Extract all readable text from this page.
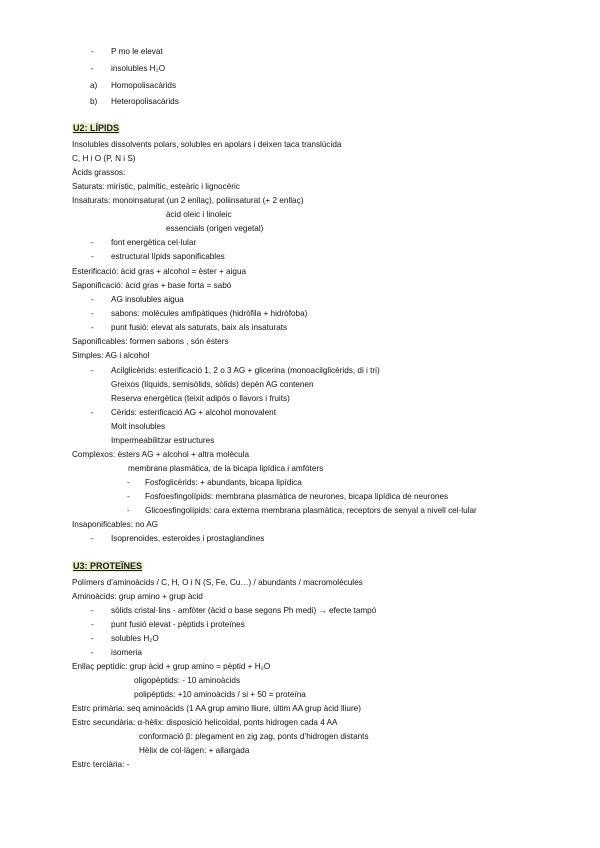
- P mo le elevat
- insolubles H₂O
a) Homopolisacàrids
b) Heteropolisacàrids
U2: LÍPIDS
Insolubles dissolvents polars, solubles en apolars i deixen taca translúcida
C, H i O (P, N i S)
Àcids grassos:
Saturats: mirístic, palmític, esteàric i lignocèric
Insaturats: monoinsaturat (un 2 enllaç), poliinsaturat (+ 2 enllaç)
àcid oleic i linoleic
essencials (origen vegetal)
- font energètica cel·lular
- estructural lípids saponificables
Esterificació: àcid gras + alcohol = èster + aigua
Saponificació: àcid gras + base forta = sabó
- AG insolubles aigua
- sabons: molècules amfipàtiques (hidròfila + hidròfoba)
- punt fusió: elevat als saturats, baix als insaturats
Saponificables: formen sabons , són èsters
Simples: AG i alcohol
- Acilglicèrids: esterificació 1, 2 o 3 AG + glicerina (monoacilglicèrids, di i tri)
Greixos (líquids, semisòlids, sòlids) depèn AG contenen
Reserva energètica (teixit adipós o llavors i fruits)
- Cèrids: esterificació AG + alcohol monovalent
Molt insolubles
Impermeabilitzar estructures
Complexos: èsters AG + alcohol + altra molècula
membrana plasmàtica, de la bicapa lipídica i amfòters
- Fosfoglicèrids: + abundants, bicapa lipídica
- Fosfoesfingolípids: membrana plasmàtica de neurones, bicapa lipídica de neurones
- Glicoesfingolípids: cara externa membrana plasmàtica, receptors de senyal a nivell cel·lular
Insaponificables: no AG
- Isoprenoides, esteroides i prostaglandines
U3: PROTEÏNES
Polímers d’aminoàcids / C, H, O i N (S, Fe, Cu…) / abundants / macromolècules
Aminoàcids: grup amino + grup àcid
- sòlids cristal·lins - amfòter (àcid o base segons Ph medi) → efecte tampó
- punt fusió elevat - pèptids i proteïnes
- solubles H₂O
- isomeria
Enllaç peptídic: grup àcid + grup amino = pèptid + H₂O
oligopèptids: - 10 aminoàcids
polipèptids: +10 aminoàcids / si + 50 = proteïna
Estrc primària: seq aminoàcids (1 AA grup amino lliure, últim AA grup àcid lliure)
Estrc secundària: α-hèlix: disposició helicoïdal, ponts hidrogen cada 4 AA
conformació β: plegament en zig zag, ponts d’hidrogen distants
Hèlix de col·làgen: + allargada
Estrc terciària: -
